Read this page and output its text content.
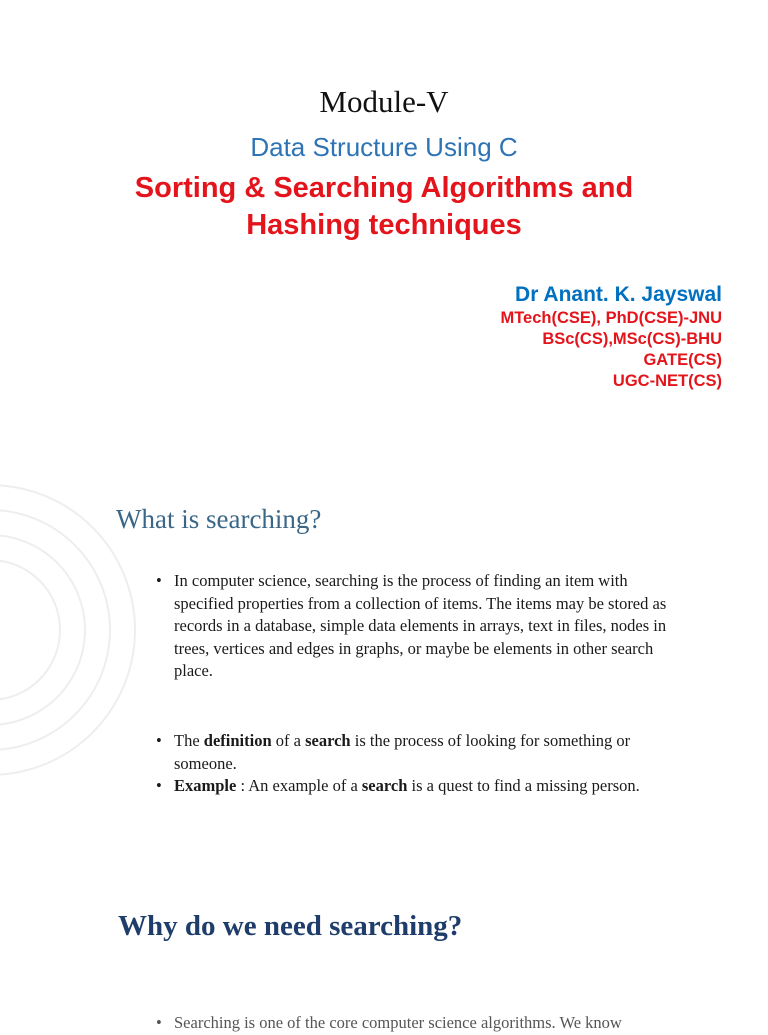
Module-V
Data Structure Using C
Sorting & Searching Algorithms and
Hashing techniques
Dr Anant. K. Jayswal
MTech(CSE), PhD(CSE)-JNU
BSc(CS),MSc(CS)-BHU
GATE(CS)
UGC-NET(CS)
What is searching?
• In computer science, searching is the process of finding an item with specified properties from a collection of items. The items may be stored as records in a database, simple data elements in arrays, text in files, nodes in trees, vertices and edges in graphs, or maybe be elements in other search place.
• The definition of a search is the process of looking for something or someone.
• Example : An example of a search is a quest to find a missing person.
Why do we need searching?
• Searching is one of the core computer science algorithms. We know
